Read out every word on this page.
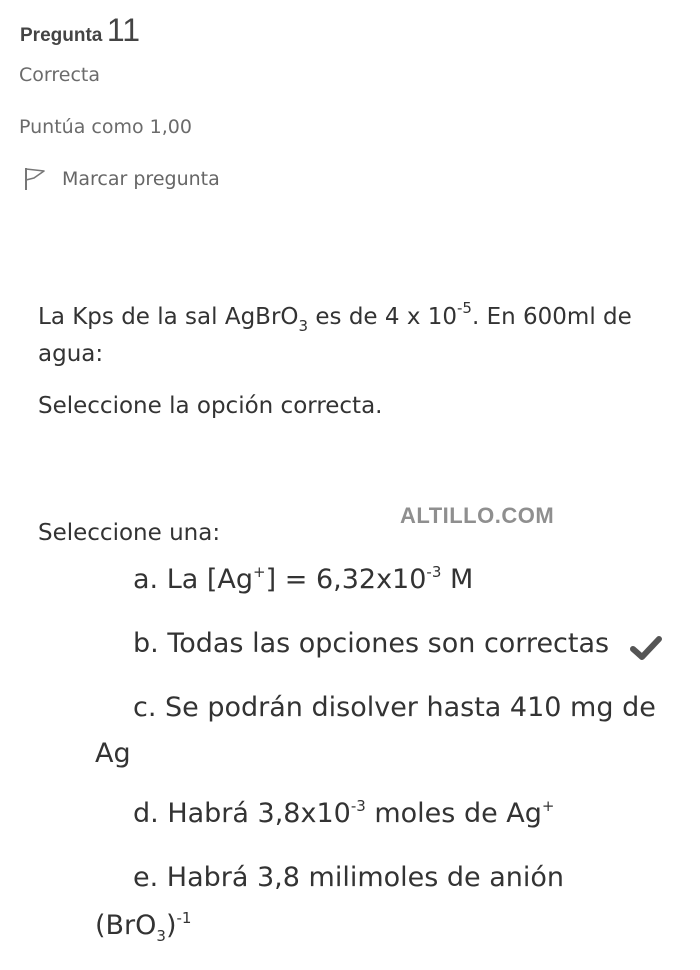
Pregunta 11
Correcta
Puntúa como 1,00
Marcar pregunta
La Kps de la sal AgBrO$_3$ es de 4 x $10^{-5}$. En 600ml de
agua:
Seleccione la opción correcta.
ALTILLO.COM
Seleccione una:
a. La $[Ag^+] = 6,32x10^{-3}$ M
b. Todas las opciones son correctas
c. Se podrán disolver hasta 410 mg de
Ag
d. Habrá $3,8x10^{-3}$ moles de Ag+
e. Habrá 3,8 milimoles de anión
$(BrO_3)^{-1}$
